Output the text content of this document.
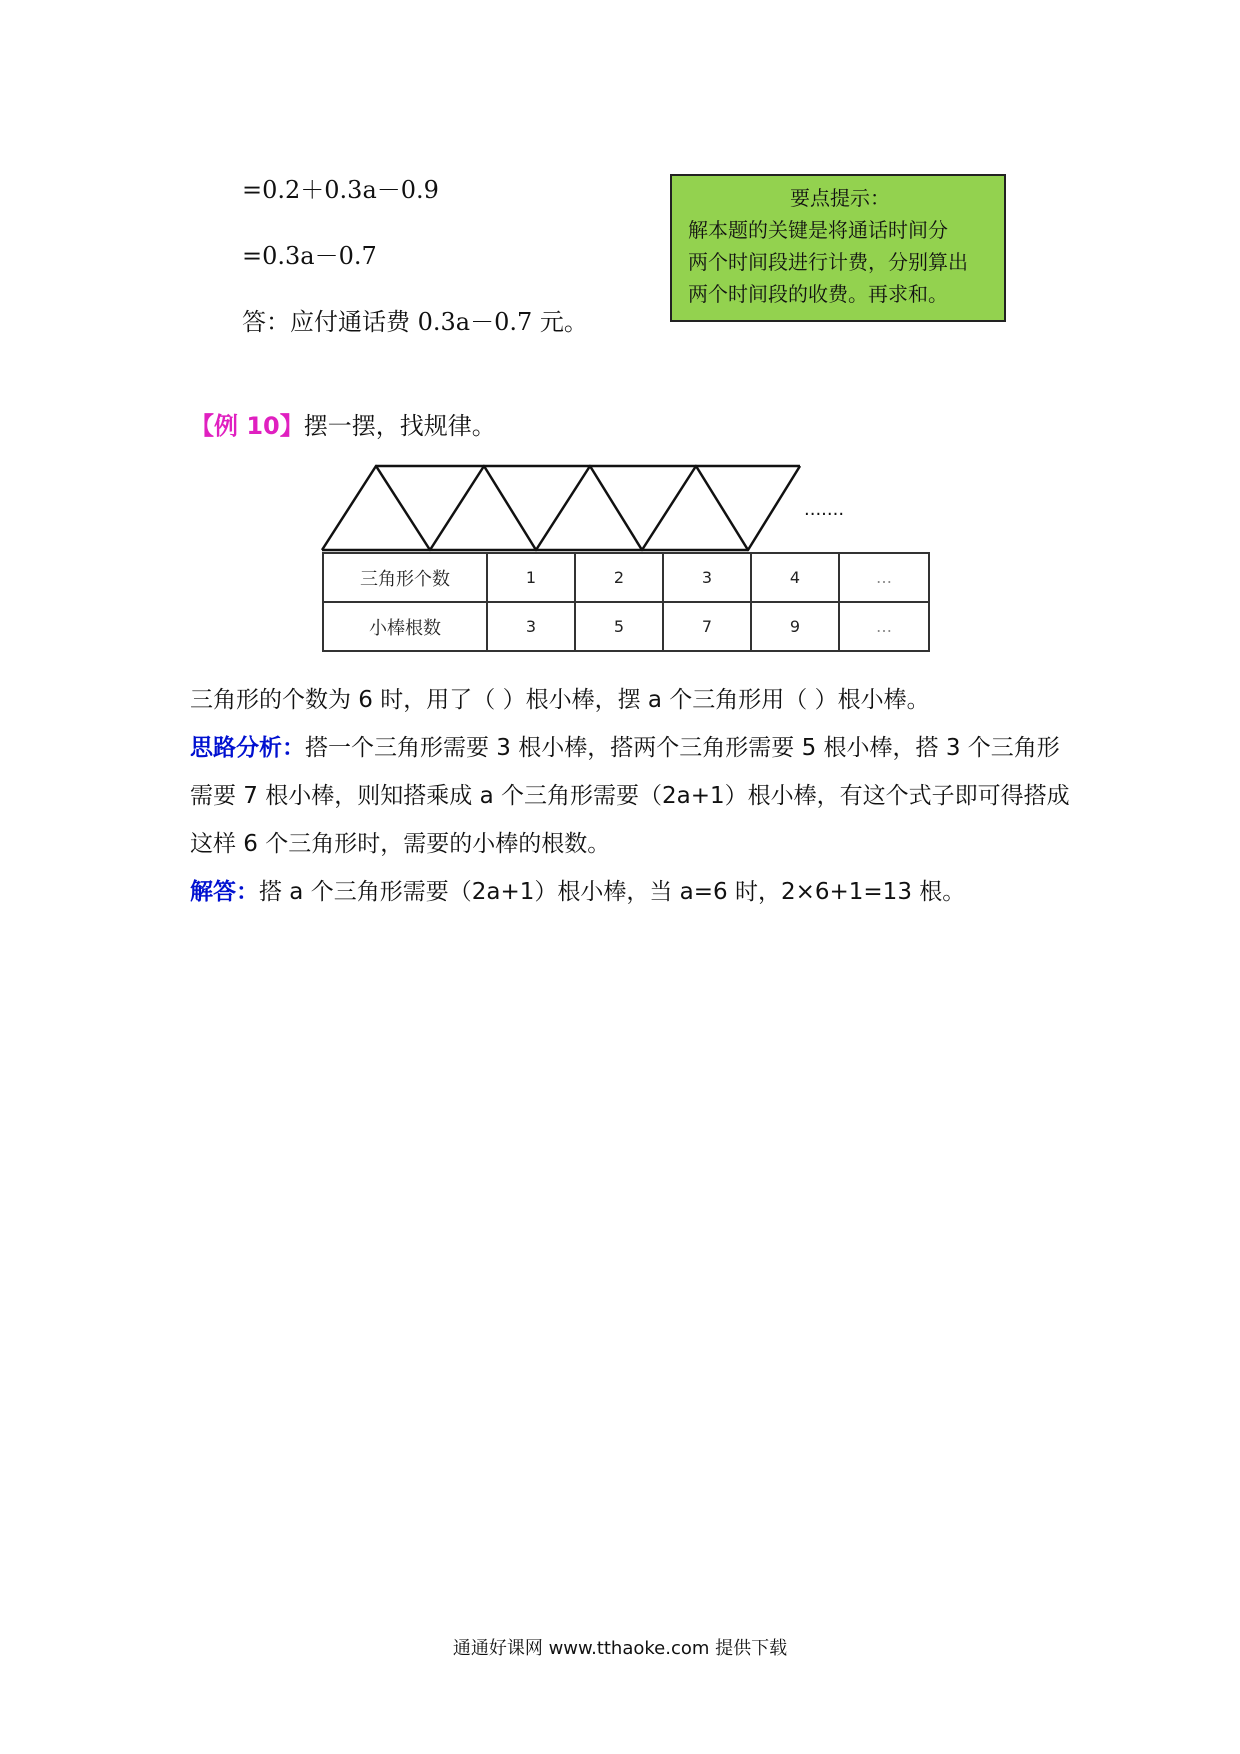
=0.2＋0.3a－0.9
=0.3a－0.7
答：应付通话费 0.3a－0.7 元。
要点提示：
解本题的关键是将通话时间分
两个时间段进行计费，分别算出
两个时间段的收费。再求和。
【例 10】摆一摆，找规律。
·······
三角形个数	1	2	3	4	…
小棒根数	3	5	7	9	…
三角形的个数为 6 时，用了（ ）根小棒，摆 a 个三角形用（ ）根小棒。
思路分析：搭一个三角形需要 3 根小棒，搭两个三角形需要 5 根小棒，搭 3 个三角形需要 7 根小棒，则知搭乘成 a 个三角形需要（2a+1）根小棒，有这个式子即可得搭成这样 6 个三角形时，需要的小棒的根数。
解答：搭 a 个三角形需要（2a+1）根小棒，当 a=6 时，2×6+1=13 根。
通通好课网 www.tthaoke.com 提供下载
